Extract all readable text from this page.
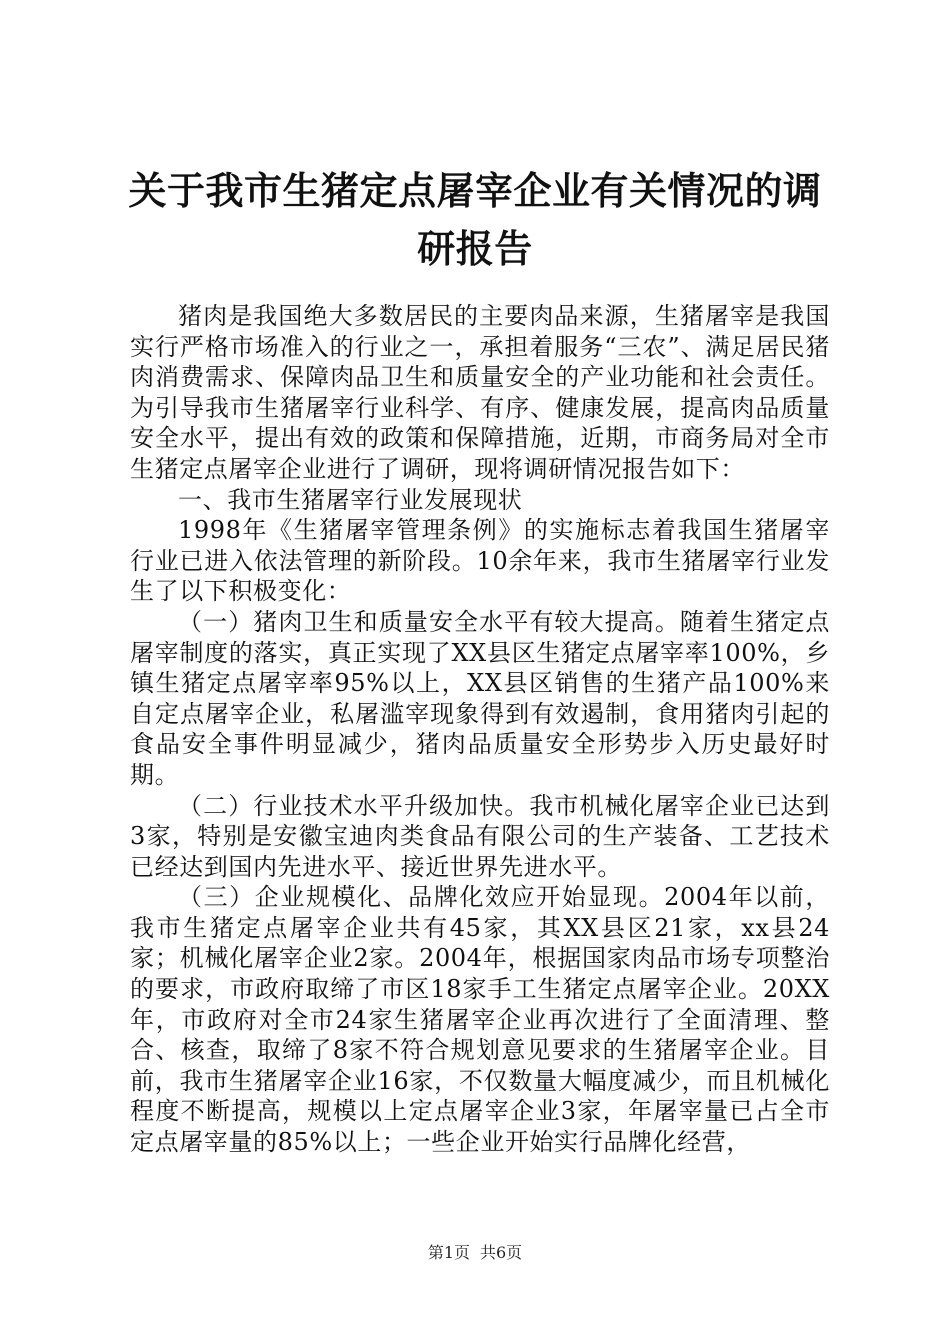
关于我市生猪定点屠宰企业有关情况的调研报告

猪肉是我国绝大多数居民的主要肉品来源，生猪屠宰是我国实行严格市场准入的行业之一，承担着服务“三农”、满足居民猪肉消费需求、保障肉品卫生和质量安全的产业功能和社会责任。为引导我市生猪屠宰行业科学、有序、健康发展，提高肉品质量安全水平，提出有效的政策和保障措施，近期，市商务局对全市生猪定点屠宰企业进行了调研，现将调研情况报告如下：

一、我市生猪屠宰行业发展现状

1998年《生猪屠宰管理条例》的实施标志着我国生猪屠宰行业已进入依法管理的新阶段。10余年来，我市生猪屠宰行业发生了以下积极变化：

（一）猪肉卫生和质量安全水平有较大提高。随着生猪定点屠宰制度的落实，真正实现了XX县区生猪定点屠宰率100%，乡镇生猪定点屠宰率95%以上，XX县区销售的生猪产品100%来自定点屠宰企业，私屠滥宰现象得到有效遏制，食用猪肉引起的食品安全事件明显减少，猪肉品质量安全形势步入历史最好时期。

（二）行业技术水平升级加快。我市机械化屠宰企业已达到3家，特别是安徽宝迪肉类食品有限公司的生产装备、工艺技术已经达到国内先进水平、接近世界先进水平。

（三）企业规模化、品牌化效应开始显现。2004年以前，我市生猪定点屠宰企业共有45家，其XX县区21家，xx县24家；机械化屠宰企业2家。2004年，根据国家肉品市场专项整治的要求，市政府取缔了市区18家手工生猪定点屠宰企业。20XX年，市政府对全市24家生猪屠宰企业再次进行了全面清理、整合、核查，取缔了8家不符合规划意见要求的生猪屠宰企业。目前，我市生猪屠宰企业16家，不仅数量大幅度减少，而且机械化程度不断提高，规模以上定点屠宰企业3家，年屠宰量已占全市定点屠宰量的85%以上；一些企业开始实行品牌化经营，

第1页 共6页
